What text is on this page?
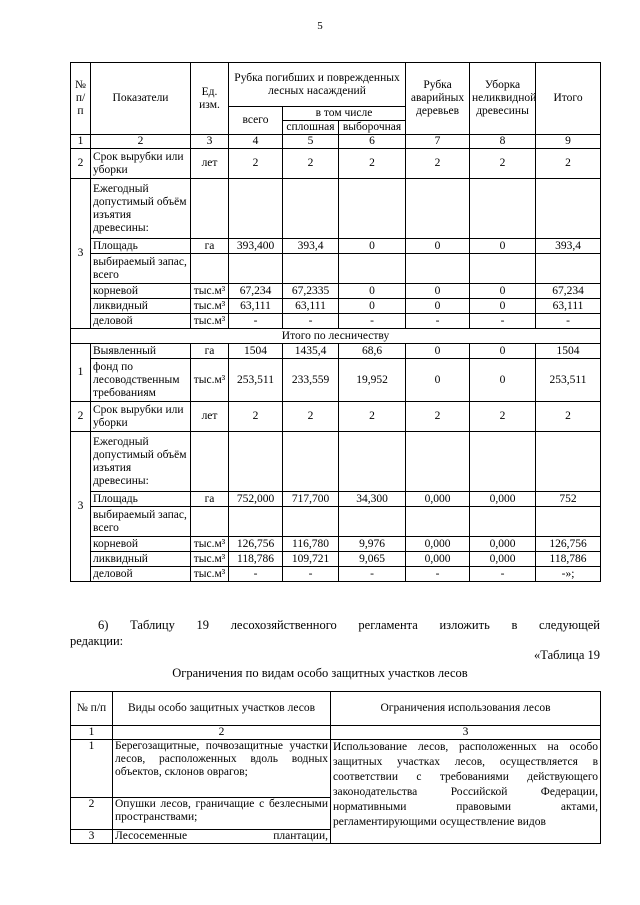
5
№ п/п	Показатели	Ед. изм.	Рубка погибших и поврежденных лесных насаждений			Рубка аварийных деревьев	Уборка неликвидной древесины	Итого
			всего	в том числе				
				сплошная	выборочная			
1	2	3	4	5	6	7	8	9
2	Срок вырубки или уборки	лет	2	2	2	2	2	2
3	Ежегодный допустимый объём изъятия древесины:							
	Площадь	га	393,400	393,4	0	0	0	393,4
	выбираемый запас, всего							
	корневой	тыс.м³	67,234	67,2335	0	0	0	67,234
	ликвидный	тыс.м³	63,111	63,111	0	0	0	63,111
	деловой	тыс.м³	-	-	-	-	-	-
Итого по лесничеству								
1	Выявленный	га	1504	1435,4	68,6	0	0	1504
	фонд по лесоводственным требованиям	тыс.м³	253,511	233,559	19,952	0	0	253,511
2	Срок вырубки или уборки	лет	2	2	2	2	2	2
3	Ежегодный допустимый объём изъятия древесины:							
	Площадь	га	752,000	717,700	34,300	0,000	0,000	752
	выбираемый запас, всего							
	корневой	тыс.м³	126,756	116,780	9,976	0,000	0,000	126,756
	ликвидный	тыс.м³	118,786	109,721	9,065	0,000	0,000	118,786
	деловой	тыс.м³	-	-	-	-	-	-»;
6) Таблицу 19 лесохозяйственного регламента изложить в следующей
редакции:
«Таблица 19
Ограничения по видам особо защитных участков лесов
№ п/п	Виды особо защитных участков лесов	Ограничения использования лесов
1	2	3
1	Берегозащитные, почвозащитные участки лесов, расположенных вдоль водных объектов, склонов оврагов;	Использование лесов, расположенных на особо защитных участках лесов, осуществляется в соответствии с требованиями действующего законодательства Российской Федерации, нормативными правовыми актами, регламентирующими осуществление видов
2	Опушки лесов, граничащие с безлесными пространствами;	
3	Лесосеменные плантации,	
